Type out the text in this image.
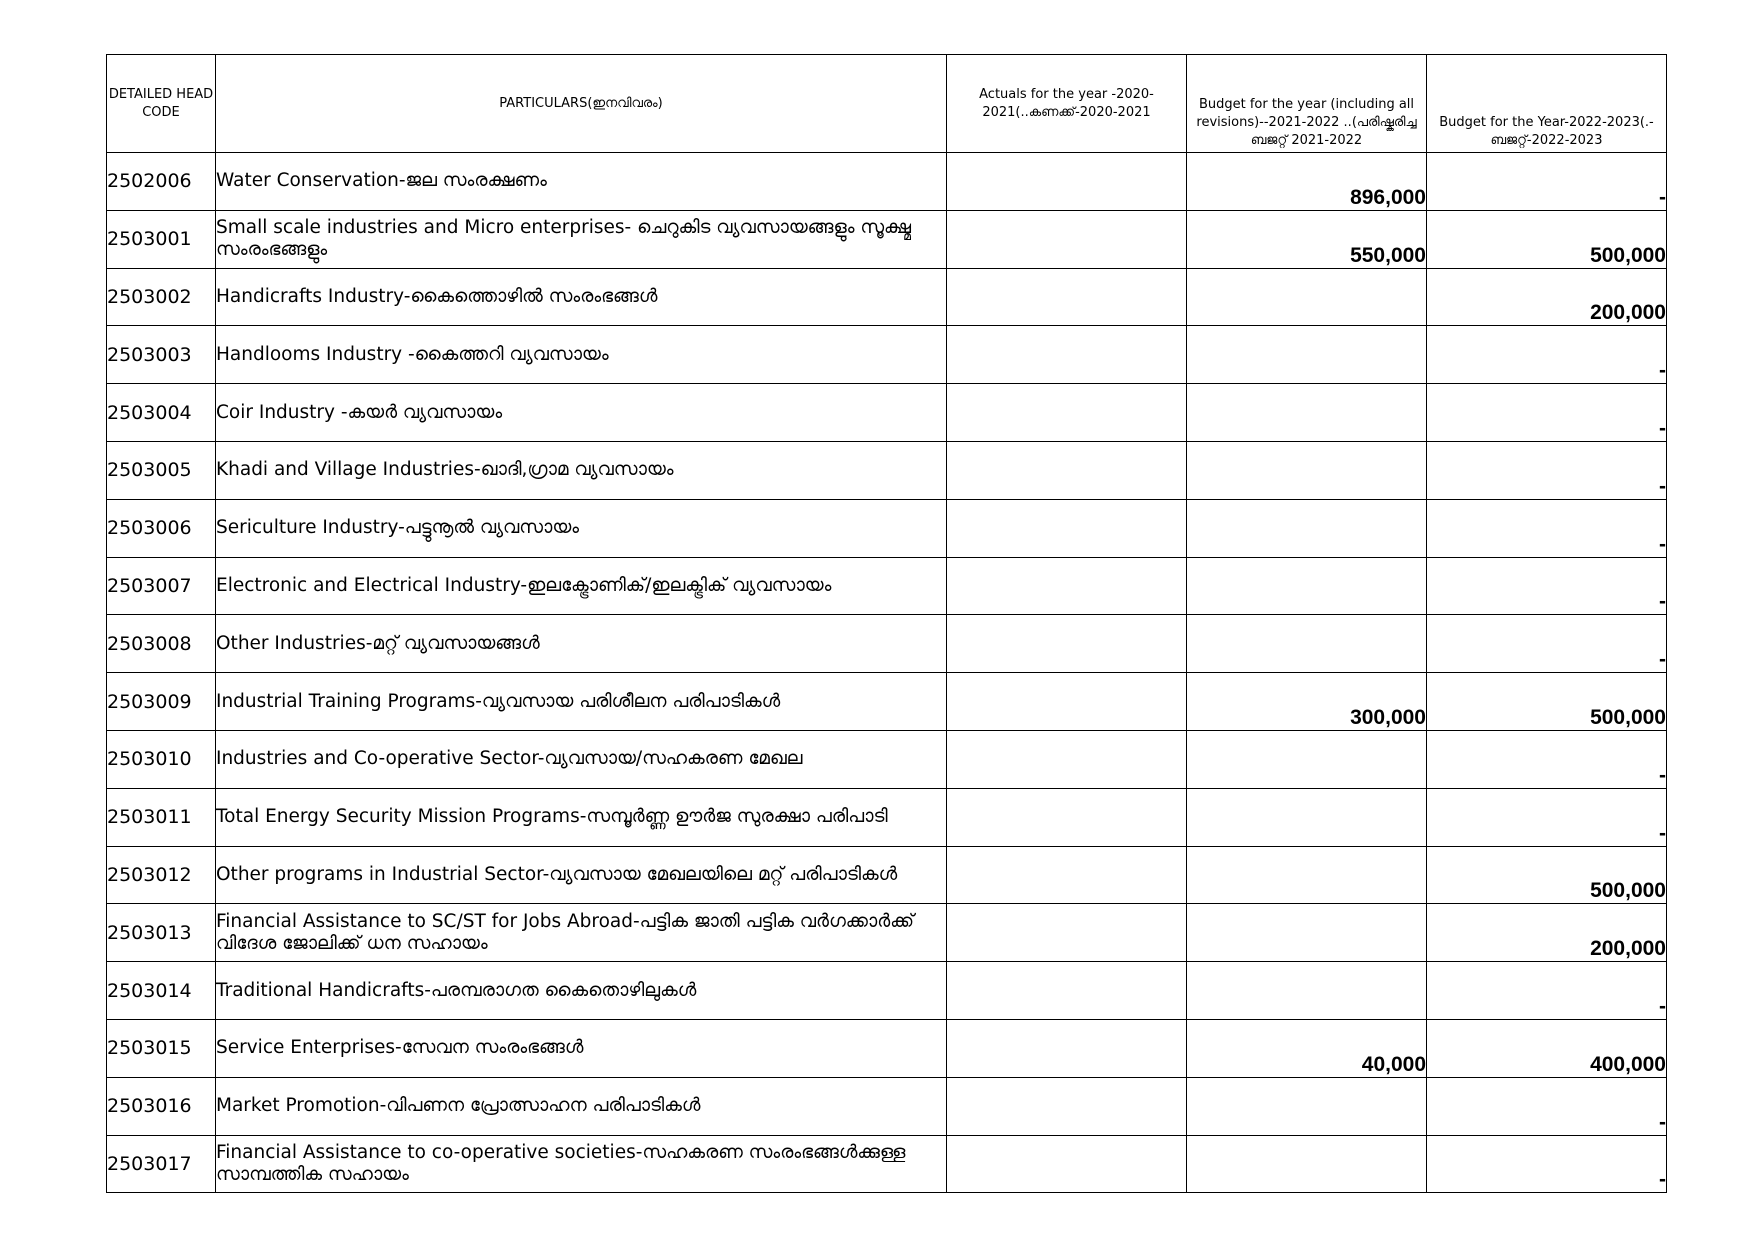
DETAILED HEAD CODE	PARTICULARS(ഇനവിവരം)	Actuals for the year -2020-2021(..കണക്ക്-2020-2021	Budget for the year (including all revisions)--2021-2022 ..(പരിഷ്കരിച്ച ബജറ്റ് 2021-2022	Budget for the Year-2022-2023(.-ബജറ്റ്-2022-2023
2502006	Water Conservation-ജല സംരക്ഷണം		896,000	-
2503001	Small scale industries and Micro enterprises- ചെറുകിട വ്യവസായങ്ങളും സൂക്ഷ്മ സംരംഭങ്ങളും		550,000	500,000
2503002	Handicrafts Industry-കൈത്തൊഴിൽ സംരംഭങ്ങൾ			200,000
2503003	Handlooms Industry -കൈത്തറി വ്യവസായം			-
2503004	Coir Industry -കയർ വ്യവസായം			-
2503005	Khadi and Village Industries-ഖാദി,ഗ്രാമ വ്യവസായം			-
2503006	Sericulture Industry-പട്ടുനൂൽ വ്യവസായം			-
2503007	Electronic and Electrical Industry-ഇലക്ട്രോണിക്/ഇലക്ട്രിക് വ്യവസായം			-
2503008	Other Industries-മറ്റ് വ്യവസായങ്ങൾ			-
2503009	Industrial Training Programs-വ്യവസായ പരിശീലന പരിപാടികൾ		300,000	500,000
2503010	Industries and Co-operative Sector-വ്യവസായ/സഹകരണ മേഖല			-
2503011	Total Energy Security Mission Programs-സമ്പൂർണ്ണ ഊർജ സുരക്ഷാ പരിപാടി			-
2503012	Other programs in Industrial Sector-വ്യവസായ മേഖലയിലെ മറ്റ് പരിപാടികൾ			500,000
2503013	Financial Assistance to SC/ST for Jobs Abroad-പട്ടിക ജാതി പട്ടിക വർഗക്കാർക്ക് വിദേശ ജോലിക്ക് ധന സഹായം			200,000
2503014	Traditional Handicrafts-പരമ്പരാഗത കൈതൊഴിലുകൾ			-
2503015	Service Enterprises-സേവന സംരംഭങ്ങൾ		40,000	400,000
2503016	Market Promotion-വിപണന പ്രോത്സാഹന പരിപാടികൾ			-
2503017	Financial Assistance to co-operative societies-സഹകരണ സംരംഭങ്ങൾക്കുള്ള സാമ്പത്തിക സഹായം			-
